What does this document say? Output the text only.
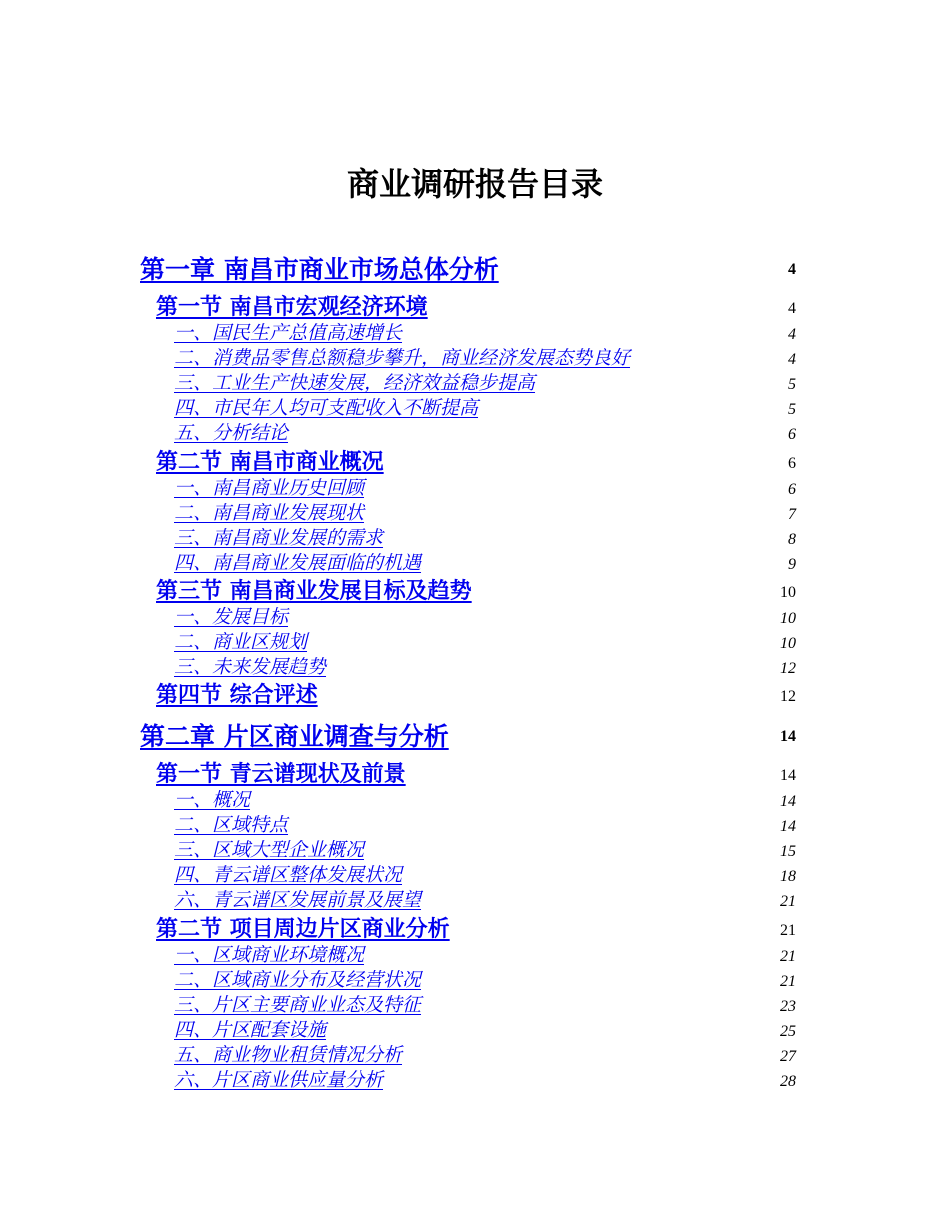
商业调研报告目录
第一章 南昌市商业市场总体分析	4
第一节 南昌市宏观经济环境	4
一、国民生产总值高速增长	4
二、消费品零售总额稳步攀升，商业经济发展态势良好	4
三、工业生产快速发展，经济效益稳步提高	5
四、市民年人均可支配收入不断提高	5
五、分析结论	6
第二节 南昌市商业概况	6
一、南昌商业历史回顾	6
二、南昌商业发展现状	7
三、南昌商业发展的需求	8
四、南昌商业发展面临的机遇	9
第三节 南昌商业发展目标及趋势	10
一、发展目标	10
二、商业区规划	10
三、未来发展趋势	12
第四节 综合评述	12
第二章 片区商业调查与分析	14
第一节 青云谱现状及前景	14
一、概况	14
二、区域特点	14
三、区域大型企业概况	15
四、青云谱区整体发展状况	18
六、青云谱区发展前景及展望	21
第二节 项目周边片区商业分析	21
一、区域商业环境概况	21
二、区域商业分布及经营状况	21
三、片区主要商业业态及特征	23
四、片区配套设施	25
五、商业物业租赁情况分析	27
六、片区商业供应量分析	28
